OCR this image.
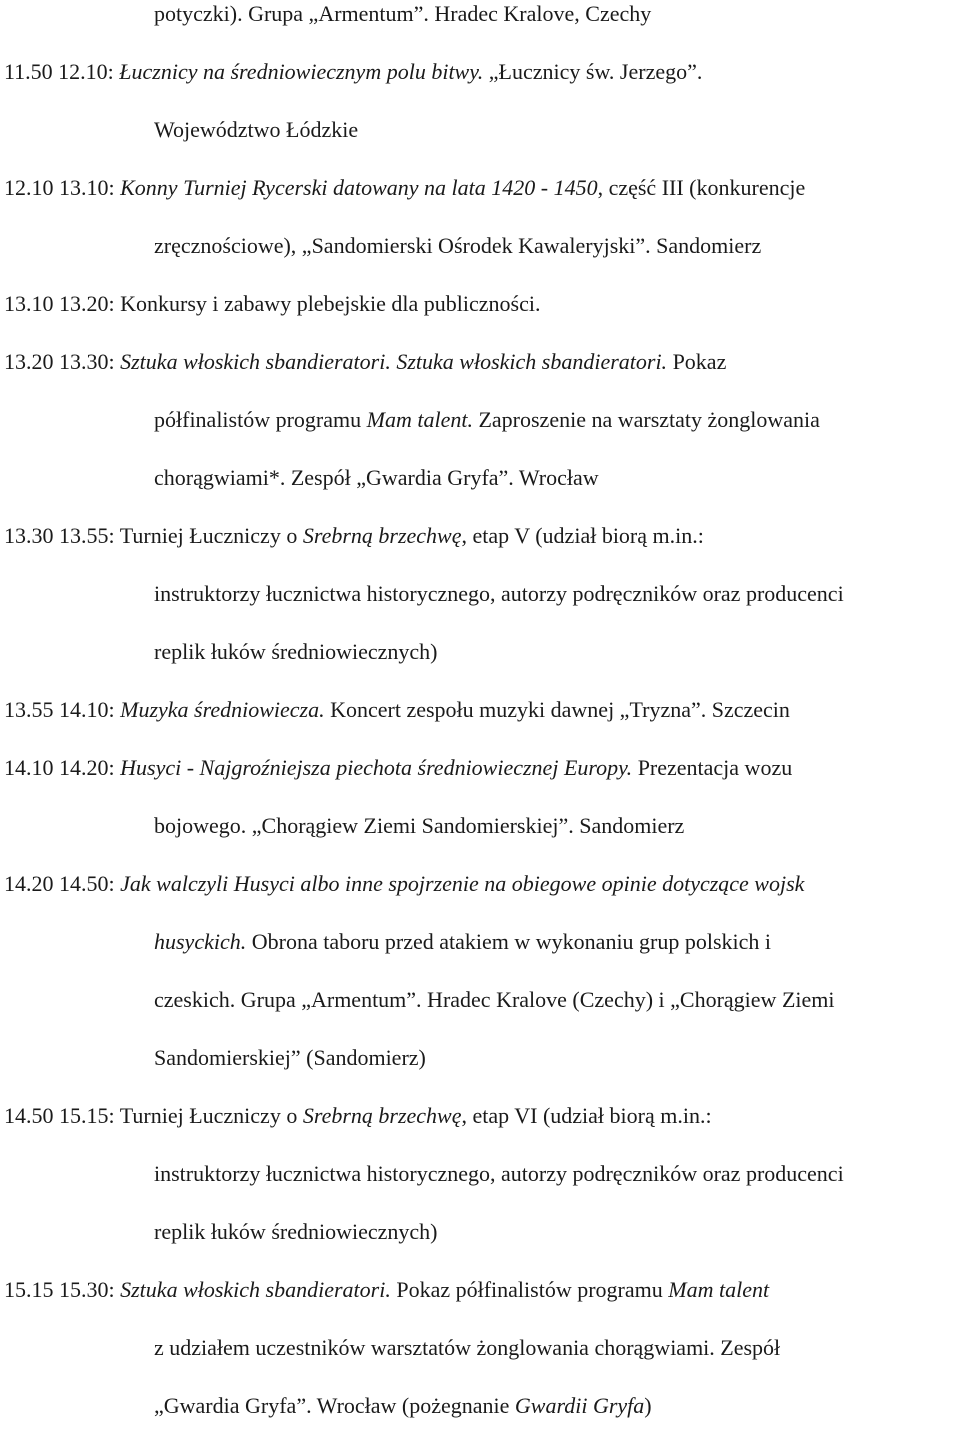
potyczki). Grupa „Armentum”. Hradec Kralove, Czechy
11.50 12.10: Łucznicy na średniowiecznym polu bitwy. „Łucznicy św. Jerzego”.
Województwo Łódzkie
12.10 13.10: Konny Turniej Rycerski datowany na lata 1420 - 1450, część III (konkurencje
zręcznościowe), „Sandomierski Ośrodek Kawaleryjski”. Sandomierz
13.10 13.20: Konkursy i zabawy plebejskie dla publiczności.
13.20 13.30: Sztuka włoskich sbandieratori. Sztuka włoskich sbandieratori. Pokaz
półfinalistów programu Mam talent. Zaproszenie na warsztaty żonglowania
chorągwiami*. Zespół „Gwardia Gryfa”. Wrocław
13.30 13.55: Turniej Łuczniczy o Srebrną brzechwę, etap V (udział biorą m.in.:
instruktorzy łucznictwa historycznego, autorzy podręczników oraz producenci
replik łuków średniowiecznych)
13.55 14.10: Muzyka średniowiecza. Koncert zespołu muzyki dawnej „Tryzna”. Szczecin
14.10 14.20: Husyci - Najgroźniejsza piechota średniowiecznej Europy. Prezentacja wozu
bojowego. „Chorągiew Ziemi Sandomierskiej”. Sandomierz
14.20 14.50: Jak walczyli Husyci albo inne spojrzenie na obiegowe opinie dotyczące wojsk
husyckich. Obrona taboru przed atakiem w wykonaniu grup polskich i
czeskich. Grupa „Armentum”. Hradec Kralove (Czechy) i „Chorągiew Ziemi
Sandomierskiej” (Sandomierz)
14.50 15.15: Turniej Łuczniczy o Srebrną brzechwę, etap VI (udział biorą m.in.:
instruktorzy łucznictwa historycznego, autorzy podręczników oraz producenci
replik łuków średniowiecznych)
15.15 15.30: Sztuka włoskich sbandieratori. Pokaz półfinalistów programu Mam talent
z udziałem uczestników warsztatów żonglowania chorągwiami. Zespół
„Gwardia Gryfa”. Wrocław (pożegnanie Gwardii Gryfa)
